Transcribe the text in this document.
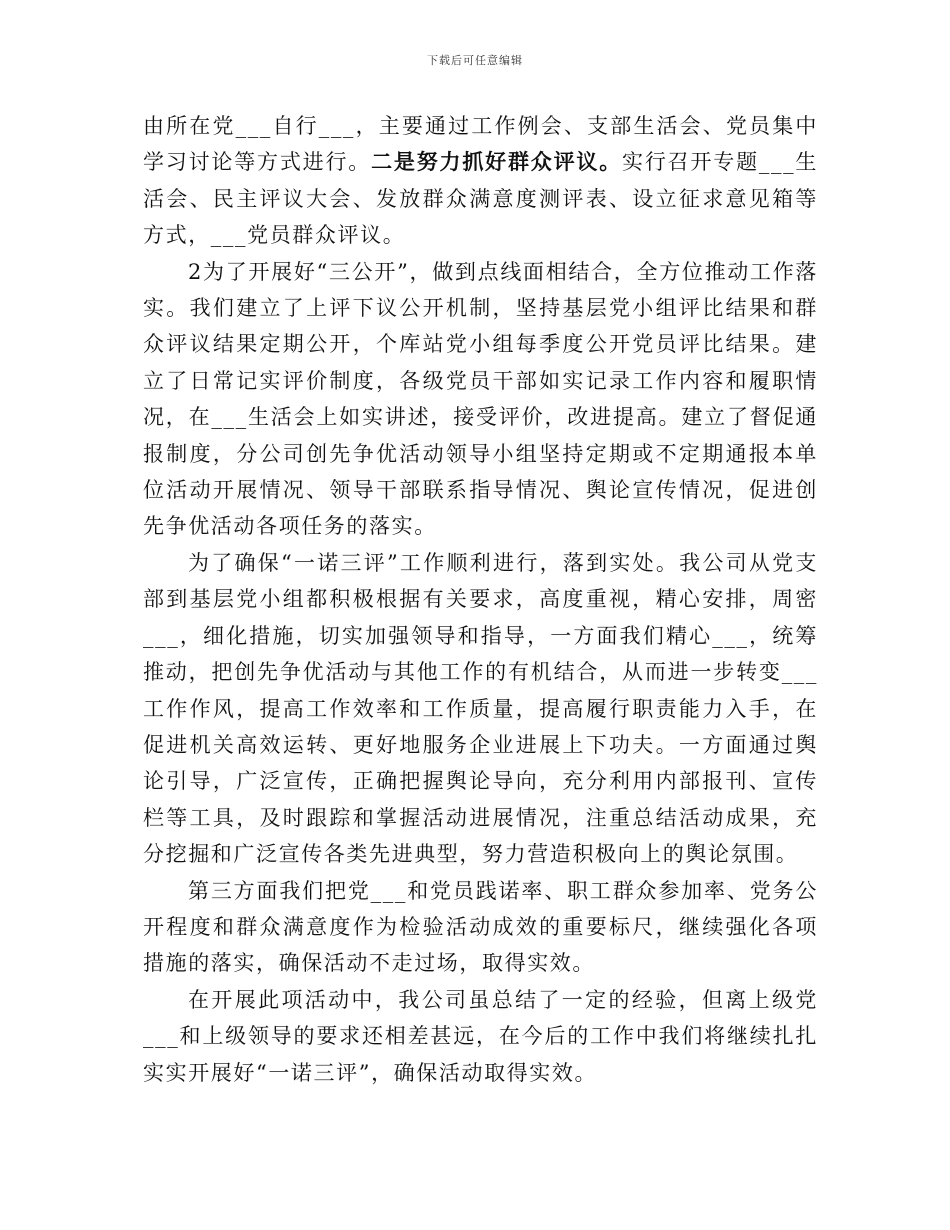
下载后可任意编辑

由所在党___自行___，主要通过工作例会、支部生活会、党员集中学习讨论等方式进行。二是努力抓好群众评议。实行召开专题___生活会、民主评议大会、发放群众满意度测评表、设立征求意见箱等方式，___党员群众评议。

2为了开展好“三公开”，做到点线面相结合，全方位推动工作落实。我们建立了上评下议公开机制，坚持基层党小组评比结果和群众评议结果定期公开，个库站党小组每季度公开党员评比结果。建立了日常记实评价制度，各级党员干部如实记录工作内容和履职情况，在___生活会上如实讲述，接受评价，改进提高。建立了督促通报制度，分公司创先争优活动领导小组坚持定期或不定期通报本单位活动开展情况、领导干部联系指导情况、舆论宣传情况，促进创先争优活动各项任务的落实。

为了确保“一诺三评”工作顺利进行，落到实处。我公司从党支部到基层党小组都积极根据有关要求，高度重视，精心安排，周密___，细化措施，切实加强领导和指导，一方面我们精心___，统筹推动，把创先争优活动与其他工作的有机结合，从而进一步转变___工作作风，提高工作效率和工作质量，提高履行职责能力入手，在促进机关高效运转、更好地服务企业进展上下功夫。一方面通过舆论引导，广泛宣传，正确把握舆论导向，充分利用内部报刊、宣传栏等工具，及时跟踪和掌握活动进展情况，注重总结活动成果，充分挖掘和广泛宣传各类先进典型，努力营造积极向上的舆论氛围。

第三方面我们把党___和党员践诺率、职工群众参加率、党务公开程度和群众满意度作为检验活动成效的重要标尺，继续强化各项措施的落实，确保活动不走过场，取得实效。

在开展此项活动中，我公司虽总结了一定的经验，但离上级党___和上级领导的要求还相差甚远，在今后的工作中我们将继续扎扎实实开展好“一诺三评”，确保活动取得实效。
